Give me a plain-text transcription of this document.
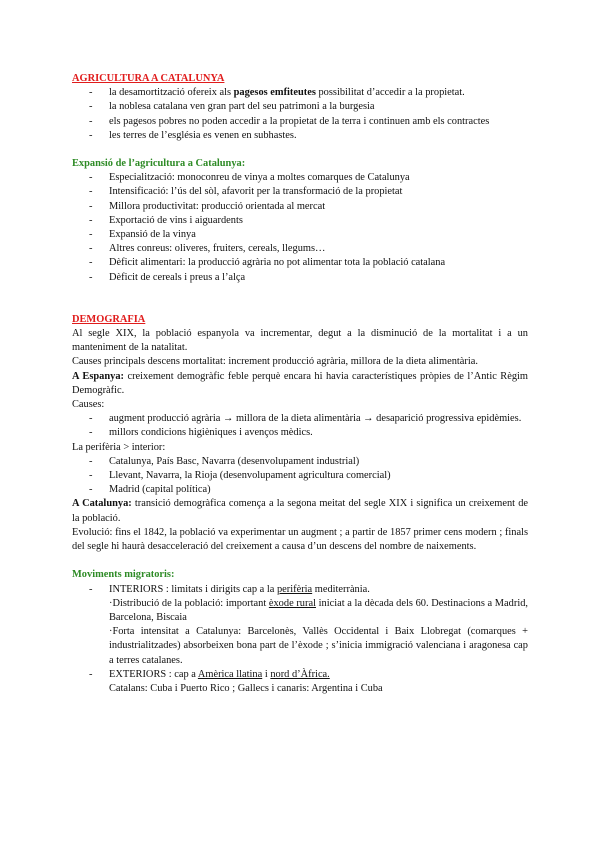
AGRICULTURA A CATALUNYA

- la desamortització ofereix als pagesos emfiteutes possibilitat d’accedir a la propietat.
- la noblesa catalana ven gran part del seu patrimoni a la burgesia
- els pagesos pobres no poden accedir a la propietat de la terra i continuen amb els contractes
- les terres de l’església es venen en subhastes.

Expansió de l’agricultura a Catalunya:

- Especialització: monoconreu de vinya a moltes comarques de Catalunya
- Intensificació: l’ús del sòl, afavorit per la transformació de la propietat
- Millora productivitat: producció orientada al mercat
- Exportació de vins i aiguardents
- Expansió de la vinya
- Altres conreus: oliveres, fruiters, cereals, llegums…
- Dèficit alimentari: la producció agrària no pot alimentar tota la població catalana
- Dèficit de cereals i preus a l’alça

DEMOGRAFIA

Al segle XIX, la població espanyola va incrementar, degut a la disminució de la mortalitat i a un manteniment de la natalitat.

Causes principals descens mortalitat: increment producció agrària, millora de la dieta alimentària.

A Espanya: creixement demogràfic feble perquè encara hi havia característiques pròpies de l’Antic Règim Demogràfic.

Causes:

- augment producció agrària → millora de la dieta alimentària → desaparició progressiva epidèmies.
- millors condicions higièniques i avenços mèdics.

La perifèria > interior:

- Catalunya, País Basc, Navarra (desenvolupament industrial)
- Llevant, Navarra, la Rioja (desenvolupament agricultura comercial)
- Madrid (capital política)

A Catalunya: transició demogràfica comença a la segona meitat del segle XIX i significa un creixement de la població.

Evolució: fins el 1842, la població va experimentar un augment ; a partir de 1857 primer cens modern ; finals del segle hi haurà desacceleració del creixement a causa d’un descens del nombre de naixements.

Moviments migratoris:

- INTERIORS : limitats i dirigits cap a la perifèria mediterrània.

·Distribució de la població: important èxode rural iniciat a la dècada dels 60. Destinacions a Madrid, Barcelona, Biscaia

·Forta intensitat a Catalunya: Barcelonès, Vallès Occidental i Baix Llobregat (comarques + industrialitzades) absorbeixen bona part de l’èxode ; s’inicia immigració valenciana i aragonesa cap a terres catalanes.

- EXTERIORS : cap a Amèrica llatina i nord d’Àfrica.

Catalans: Cuba i Puerto Rico ; Gallecs i canaris: Argentina i Cuba
